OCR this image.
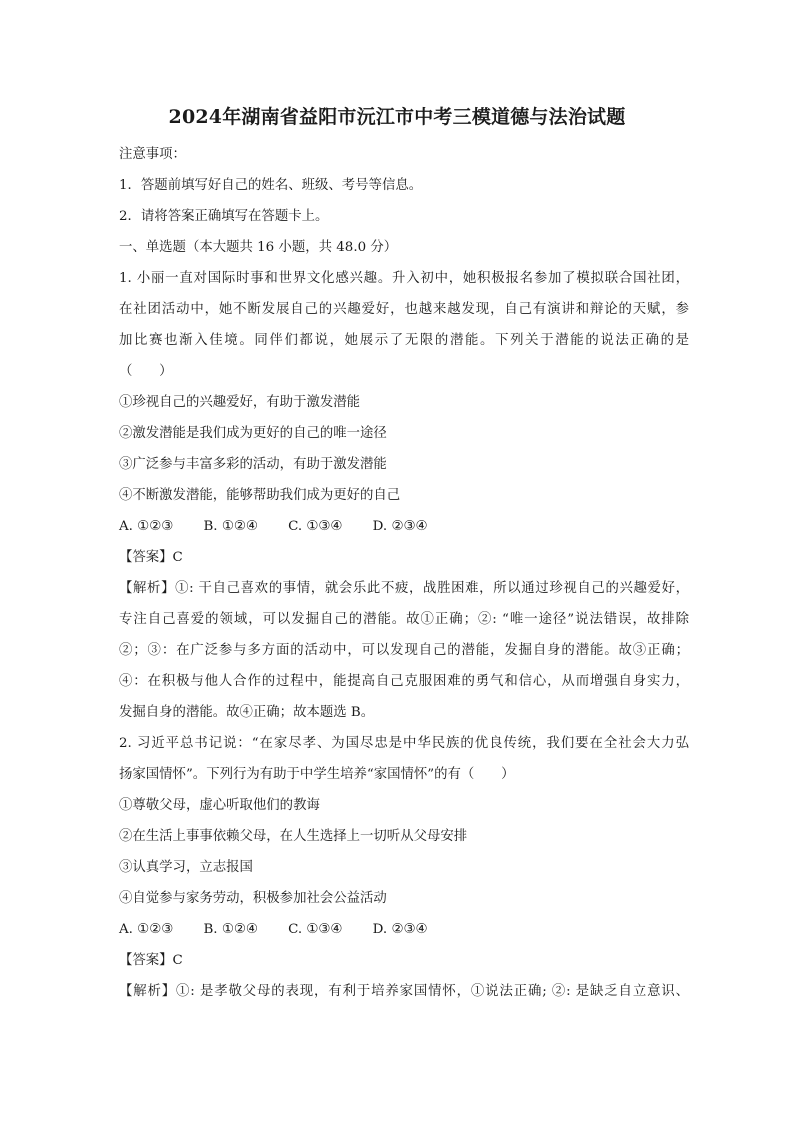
2024年湖南省益阳市沅江市中考三模道德与法治试题
注意事项：
1．答题前填写好自己的姓名、班级、考号等信息。
2．请将答案正确填写在答题卡上。
一、单选题（本大题共 16 小题，共 48.0 分）
1. 小丽一直对国际时事和世界文化感兴趣。升入初中，她积极报名参加了模拟联合国社团，
在社团活动中，她不断发展自己的兴趣爱好，也越来越发现，自己有演讲和辩论的天赋，参
加比赛也渐入佳境。同伴们都说，她展示了无限的潜能。下列关于潜能的说法正确的是
（　　）
①珍视自己的兴趣爱好，有助于激发潜能
②激发潜能是我们成为更好的自己的唯一途径
③广泛参与丰富多彩的活动，有助于激发潜能
④不断激发潜能，能够帮助我们成为更好的自己
A. ①②③ B. ①②④ C. ①③④ D. ②③④
【答案】C
【解析】①: 干自己喜欢的事情，就会乐此不疲，战胜困难，所以通过珍视自己的兴趣爱好，
专注自己喜爱的领域，可以发掘自己的潜能。故①正确；②: “唯一途径”说法错误，故排除
②；③：在广泛参与多方面的活动中，可以发现自己的潜能，发掘自身的潜能。故③正确；
④：在积极与他人合作的过程中，能提高自己克服困难的勇气和信心，从而增强自身实力，
发掘自身的潜能。故④正确；故本题选 B。
2. 习近平总书记说：“在家尽孝、为国尽忠是中华民族的优良传统，我们要在全社会大力弘
扬家国情怀”。下列行为有助于中学生培养“家国情怀”的有（　　）
①尊敬父母，虚心听取他们的教诲
②在生活上事事依赖父母，在人生选择上一切听从父母安排
③认真学习，立志报国
④自觉参与家务劳动，积极参加社会公益活动
A. ①②③ B. ①②④ C. ①③④ D. ②③④
【答案】C
【解析】①: 是孝敬父母的表现，有利于培养家国情怀，①说法正确; ②: 是缺乏自立意识、
